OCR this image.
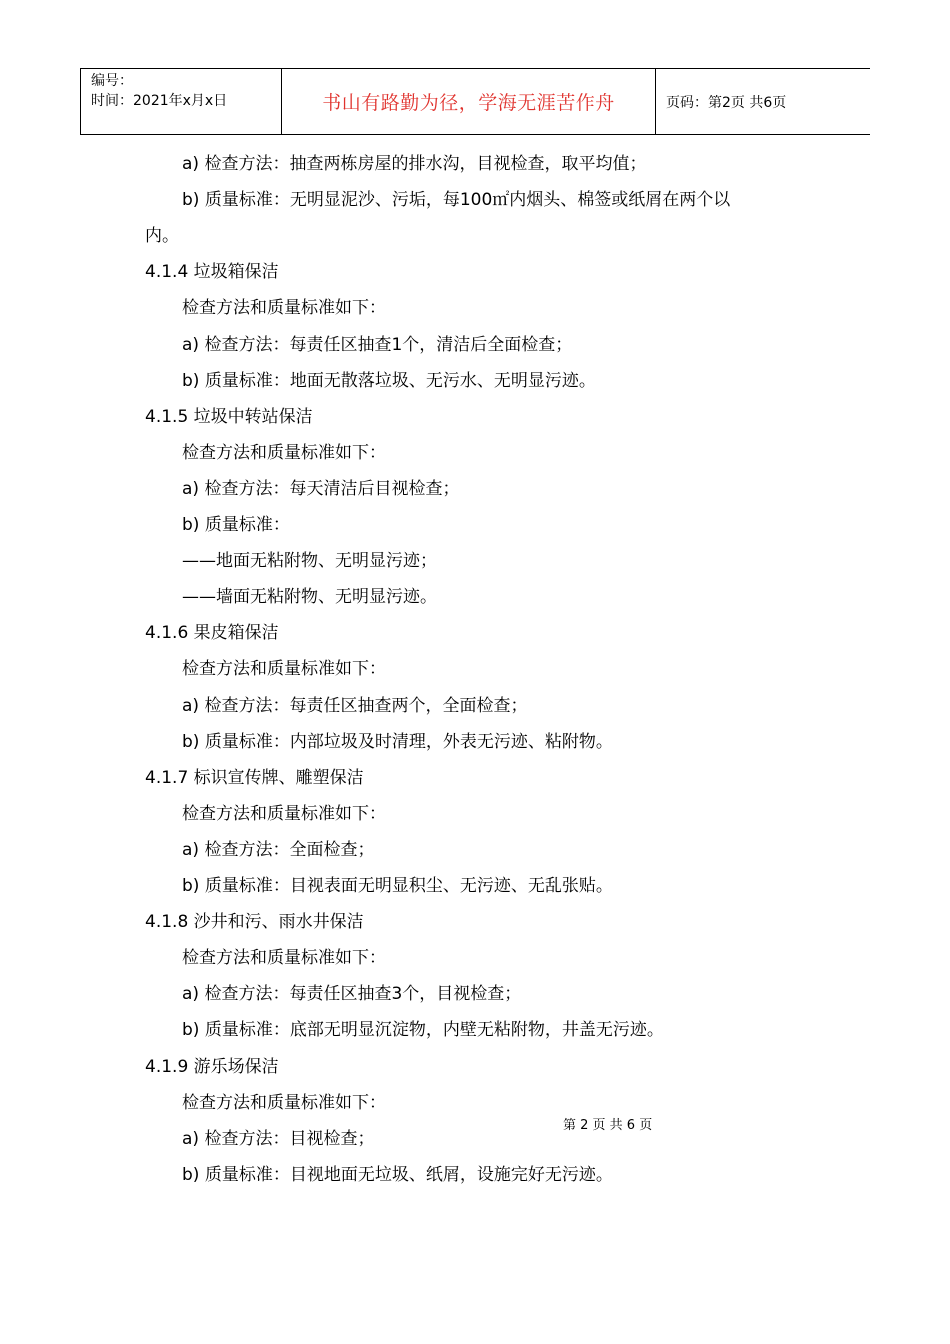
编号：
时间：2021年x月x日	书山有路勤为径，学海无涯苦作舟	页码：第2页 共6页
a) 检查方法：抽查两栋房屋的排水沟，目视检查，取平均值；
b) 质量标准：无明显泥沙、污垢，每100㎡内烟头、棉签或纸屑在两个以
内。
4.1.4 垃圾箱保洁
检查方法和质量标准如下：
a) 检查方法：每责任区抽查1个，清洁后全面检查；
b) 质量标准：地面无散落垃圾、无污水、无明显污迹。
4.1.5 垃圾中转站保洁
检查方法和质量标准如下：
a) 检查方法：每天清洁后目视检查；
b) 质量标准：
——地面无粘附物、无明显污迹；
——墙面无粘附物、无明显污迹。
4.1.6 果皮箱保洁
检查方法和质量标准如下：
a) 检查方法：每责任区抽查两个，全面检查；
b) 质量标准：内部垃圾及时清理，外表无污迹、粘附物。
4.1.7 标识宣传牌、雕塑保洁
检查方法和质量标准如下：
a) 检查方法：全面检查；
b) 质量标准：目视表面无明显积尘、无污迹、无乱张贴。
4.1.8 沙井和污、雨水井保洁
检查方法和质量标准如下：
a) 检查方法：每责任区抽查3个，目视检查；
b) 质量标准：底部无明显沉淀物，内壁无粘附物，井盖无污迹。
4.1.9 游乐场保洁
检查方法和质量标准如下：
a) 检查方法：目视检查；
b) 质量标准：目视地面无垃圾、纸屑，设施完好无污迹。
第 2 页 共 6 页
